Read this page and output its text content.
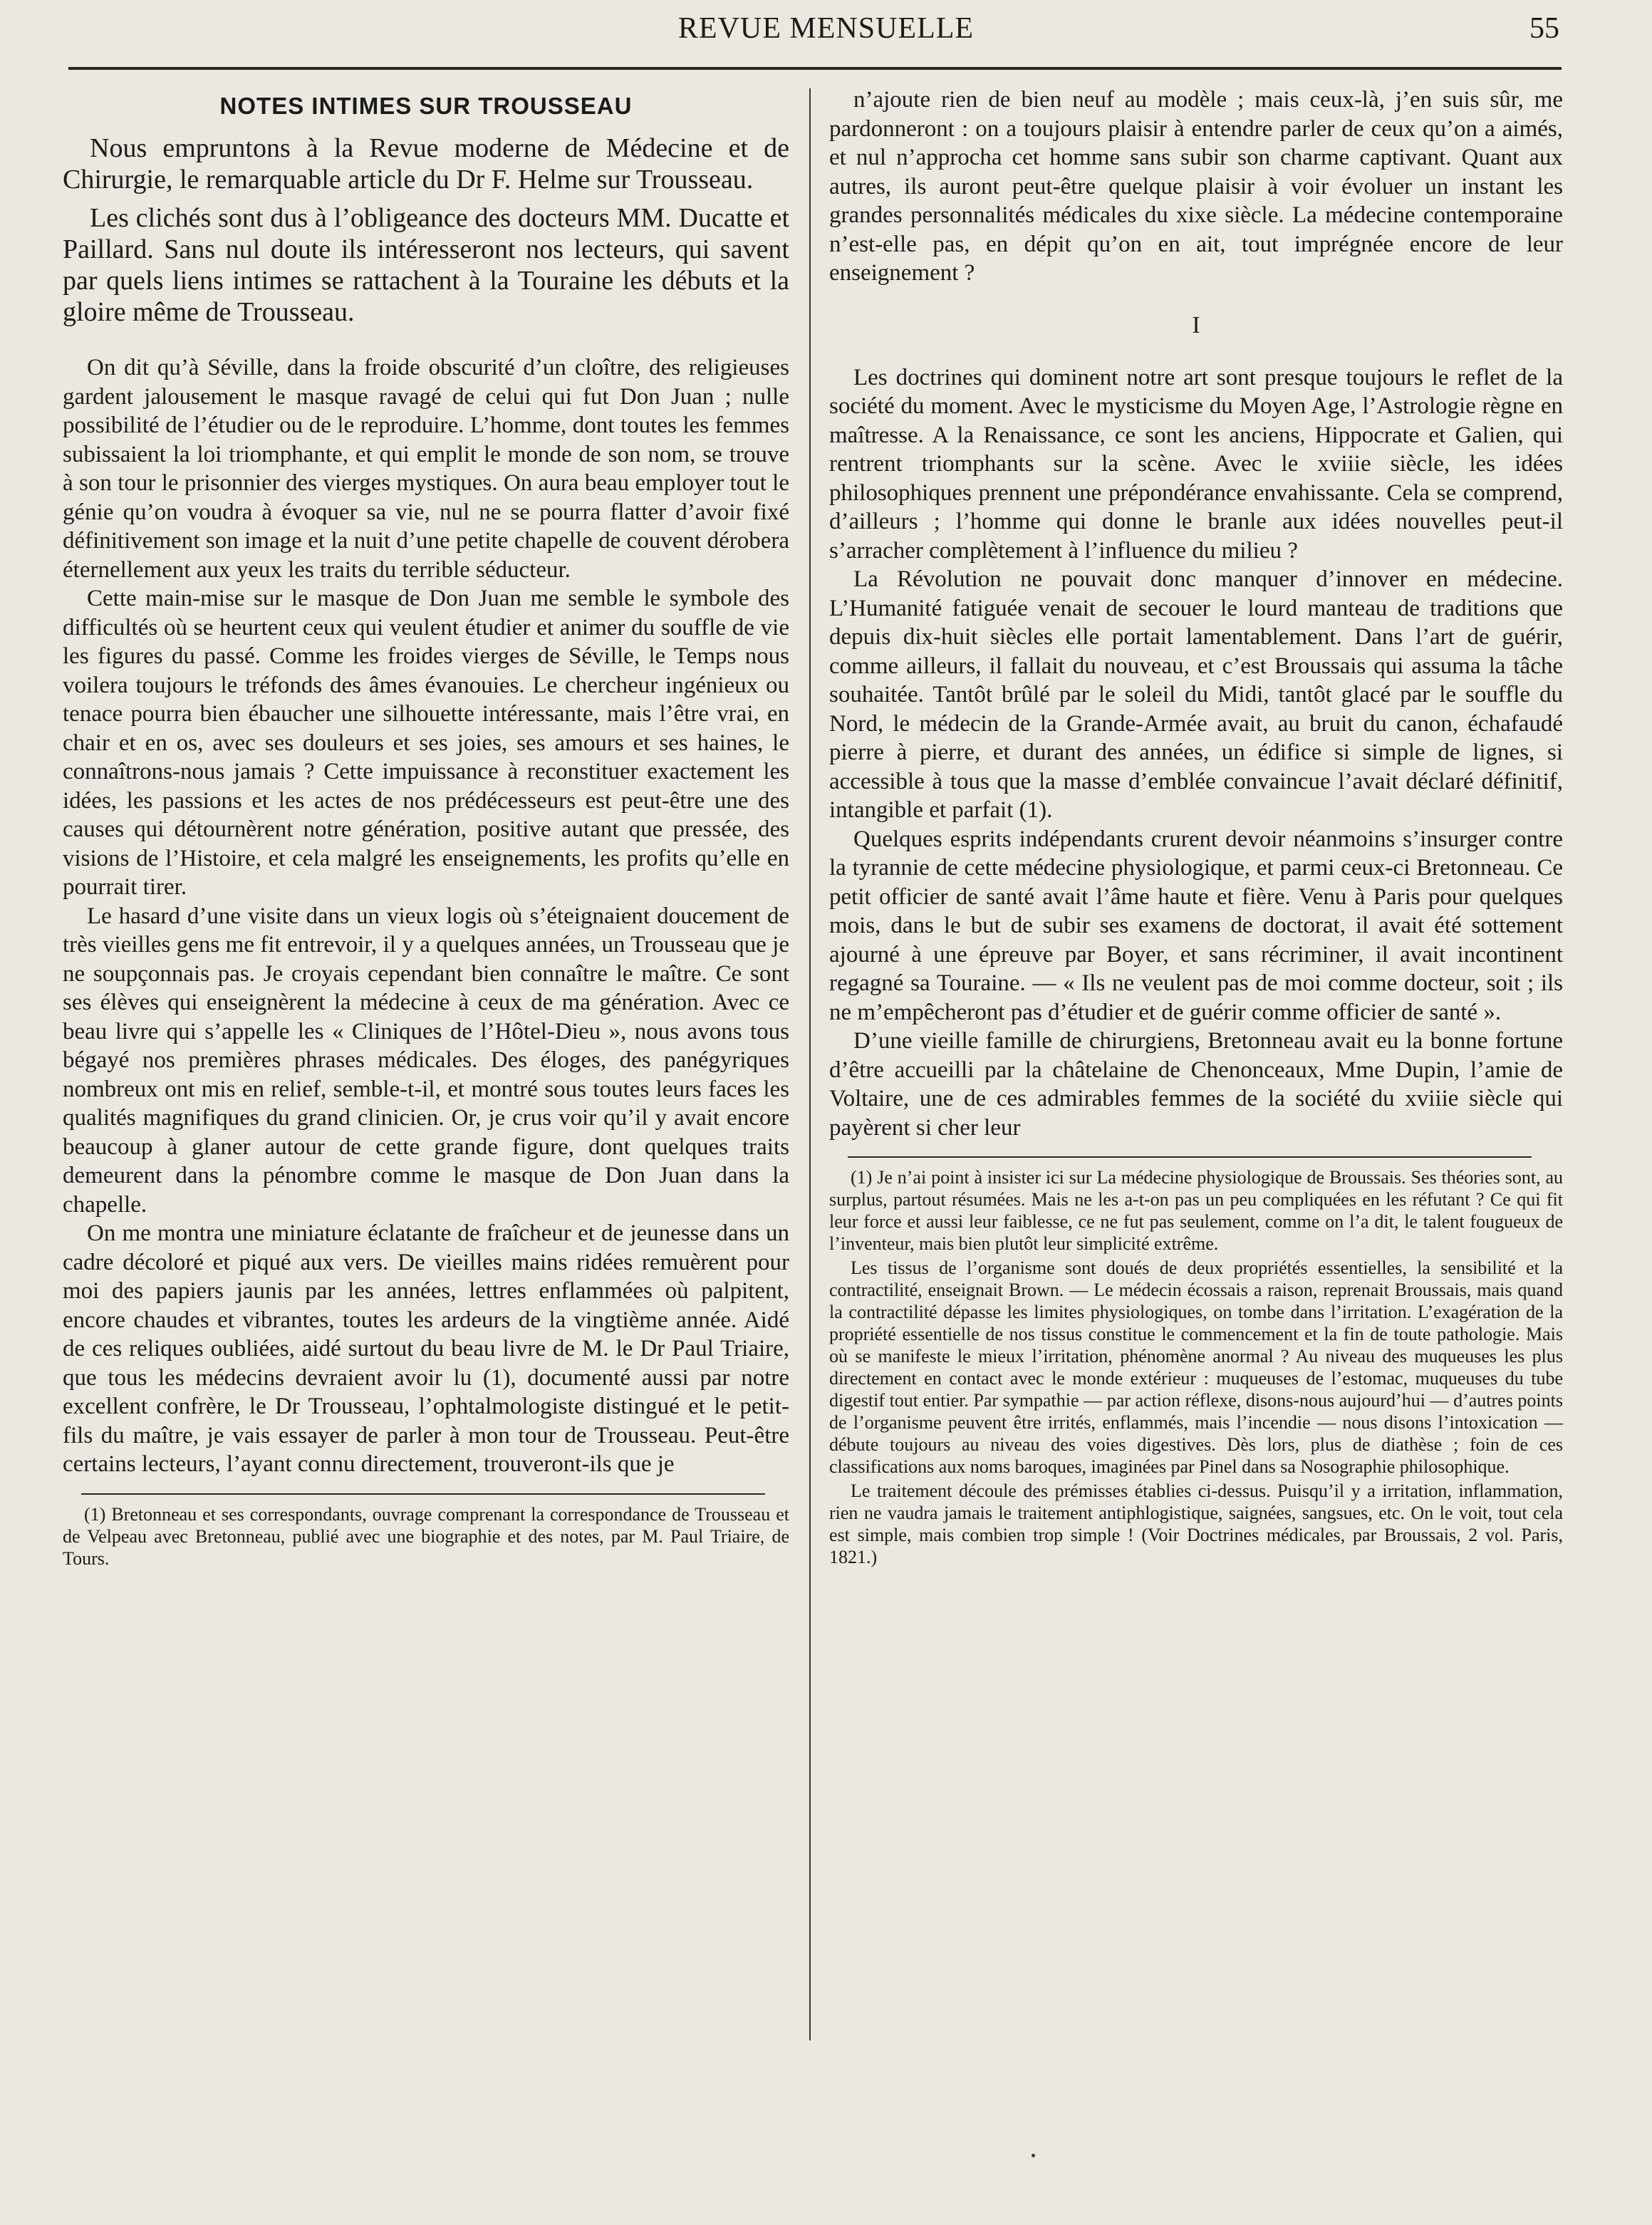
REVUE MENSUELLE	55
NOTES INTIMES SUR TROUSSEAU

Nous empruntons à la Revue moderne de Médecine et de Chirurgie, le remarquable article du Dr F. Helme sur Trousseau.

Les clichés sont dus à l’obligeance des docteurs MM. Ducatte et Paillard. Sans nul doute ils intéresseront nos lecteurs, qui savent par quels liens intimes se rattachent à la Touraine les débuts et la gloire même de Trousseau.

On dit qu’à Séville, dans la froide obscurité d’un cloître, des religieuses gardent jalousement le masque ravagé de celui qui fut Don Juan ; nulle possibilité de l’étudier ou de le reproduire. L’homme, dont toutes les femmes subissaient la loi triomphante, et qui emplit le monde de son nom, se trouve à son tour le prisonnier des vierges mystiques. On aura beau employer tout le génie qu’on voudra à évoquer sa vie, nul ne se pourra flatter d’avoir fixé définitivement son image et la nuit d’une petite chapelle de couvent dérobera éternellement aux yeux les traits du terrible séducteur.

Cette main-mise sur le masque de Don Juan me semble le symbole des difficultés où se heurtent ceux qui veulent étudier et animer du souffle de vie les figures du passé. Comme les froides vierges de Séville, le Temps nous voilera toujours le tréfonds des âmes évanouies. Le chercheur ingénieux ou tenace pourra bien ébaucher une silhouette intéressante, mais l’être vrai, en chair et en os, avec ses douleurs et ses joies, ses amours et ses haines, le connaîtrons-nous jamais ? Cette impuissance à reconstituer exactement les idées, les passions et les actes de nos prédécesseurs est peut-être une des causes qui détournèrent notre génération, positive autant que pressée, des visions de l’Histoire, et cela malgré les enseignements, les profits qu’elle en pourrait tirer.

Le hasard d’une visite dans un vieux logis où s’éteignaient doucement de très vieilles gens me fit entrevoir, il y a quelques années, un Trousseau que je ne soupçonnais pas. Je croyais cependant bien connaître le maître. Ce sont ses élèves qui enseignèrent la médecine à ceux de ma génération. Avec ce beau livre qui s’appelle les « Cliniques de l’Hôtel-Dieu », nous avons tous bégayé nos premières phrases médicales. Des éloges, des panégyriques nombreux ont mis en relief, semble-t-il, et montré sous toutes leurs faces les qualités magnifiques du grand clinicien. Or, je crus voir qu’il y avait encore beaucoup à glaner autour de cette grande figure, dont quelques traits demeurent dans la pénombre comme le masque de Don Juan dans la chapelle.

On me montra une miniature éclatante de fraîcheur et de jeunesse dans un cadre décoloré et piqué aux vers. De vieilles mains ridées remuèrent pour moi des papiers jaunis par les années, lettres enflammées où palpitent, encore chaudes et vibrantes, toutes les ardeurs de la vingtième année. Aidé de ces reliques oubliées, aidé surtout du beau livre de M. le Dr Paul Triaire, que tous les médecins devraient avoir lu (1), documenté aussi par notre excellent confrère, le Dr Trousseau, l’ophtalmologiste distingué et le petit-fils du maître, je vais essayer de parler à mon tour de Trousseau. Peut-être certains lecteurs, l’ayant connu directement, trouveront-ils que je

(1) Bretonneau et ses correspondants, ouvrage comprenant la correspondance de Trousseau et de Velpeau avec Bretonneau, publié avec une biographie et des notes, par M. Paul Triaire, de Tours.

n’ajoute rien de bien neuf au modèle ; mais ceux-là, j’en suis sûr, me pardonneront : on a toujours plaisir à entendre parler de ceux qu’on a aimés, et nul n’approcha cet homme sans subir son charme captivant. Quant aux autres, ils auront peut-être quelque plaisir à voir évoluer un instant les grandes personnalités médicales du xixe siècle. La médecine contemporaine n’est-elle pas, en dépit qu’on en ait, tout imprégnée encore de leur enseignement ?

I

Les doctrines qui dominent notre art sont presque toujours le reflet de la société du moment. Avec le mysticisme du Moyen Age, l’Astrologie règne en maîtresse. A la Renaissance, ce sont les anciens, Hippocrate et Galien, qui rentrent triomphants sur la scène. Avec le xviiie siècle, les idées philosophiques prennent une prépondérance envahissante. Cela se comprend, d’ailleurs ; l’homme qui donne le branle aux idées nouvelles peut-il s’arracher complètement à l’influence du milieu ?

La Révolution ne pouvait donc manquer d’innover en médecine. L’Humanité fatiguée venait de secouer le lourd manteau de traditions que depuis dix-huit siècles elle portait lamentablement. Dans l’art de guérir, comme ailleurs, il fallait du nouveau, et c’est Broussais qui assuma la tâche souhaitée. Tantôt brûlé par le soleil du Midi, tantôt glacé par le souffle du Nord, le médecin de la Grande-Armée avait, au bruit du canon, échafaudé pierre à pierre, et durant des années, un édifice si simple de lignes, si accessible à tous que la masse d’emblée convaincue l’avait déclaré définitif, intangible et parfait (1).

Quelques esprits indépendants crurent devoir néanmoins s’insurger contre la tyrannie de cette médecine physiologique, et parmi ceux-ci Bretonneau. Ce petit officier de santé avait l’âme haute et fière. Venu à Paris pour quelques mois, dans le but de subir ses examens de doctorat, il avait été sottement ajourné à une épreuve par Boyer, et sans récriminer, il avait incontinent regagné sa Touraine. — « Ils ne veulent pas de moi comme docteur, soit ; ils ne m’empêcheront pas d’étudier et de guérir comme officier de santé ».

D’une vieille famille de chirurgiens, Bretonneau avait eu la bonne fortune d’être accueilli par la châtelaine de Chenonceaux, Mme Dupin, l’amie de Voltaire, une de ces admirables femmes de la société du xviiie siècle qui payèrent si cher leur

(1) Je n’ai point à insister ici sur La médecine physiologique de Broussais. Ses théories sont, au surplus, partout résumées. Mais ne les a-t-on pas un peu compliquées en les réfutant ? Ce qui fit leur force et aussi leur faiblesse, ce ne fut pas seulement, comme on l’a dit, le talent fougueux de l’inventeur, mais bien plutôt leur simplicité extrême.

Les tissus de l’organisme sont doués de deux propriétés essentielles, la sensibilité et la contractilité, enseignait Brown. — Le médecin écossais a raison, reprenait Broussais, mais quand la contractilité dépasse les limites physiologiques, on tombe dans l’irritation. L’exagération de la propriété essentielle de nos tissus constitue le commencement et la fin de toute pathologie. Mais où se manifeste le mieux l’irritation, phénomène anormal ? Au niveau des muqueuses les plus directement en contact avec le monde extérieur : muqueuses de l’estomac, muqueuses du tube digestif tout entier. Par sympathie — par action réflexe, disons-nous aujourd’hui — d’autres points de l’organisme peuvent être irrités, enflammés, mais l’incendie — nous disons l’intoxication — débute toujours au niveau des voies digestives. Dès lors, plus de diathèse ; foin de ces classifications aux noms baroques, imaginées par Pinel dans sa Nosographie philosophique.

Le traitement découle des prémisses établies ci-dessus. Puisqu’il y a irritation, inflammation, rien ne vaudra jamais le traitement antiphlogistique, saignées, sangsues, etc. On le voit, tout cela est simple, mais combien trop simple ! (Voir Doctrines médicales, par Broussais, 2 vol. Paris, 1821.)
